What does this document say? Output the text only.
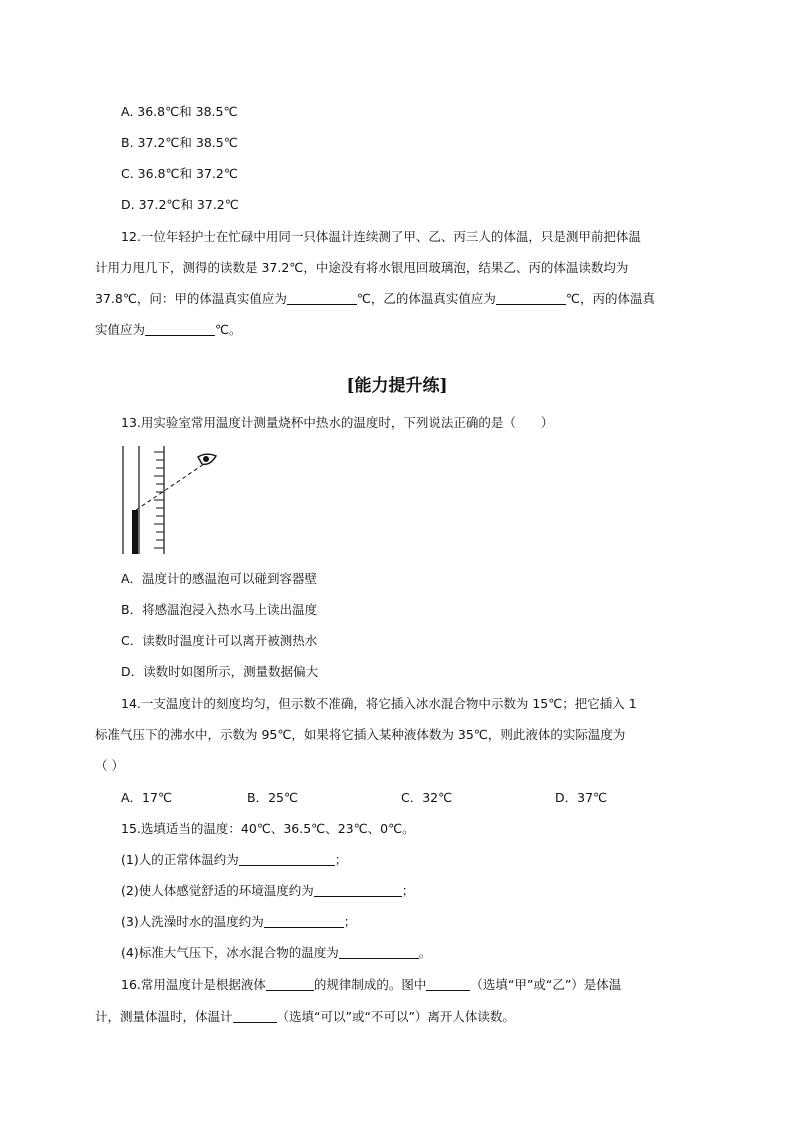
A. 36.8℃和 38.5℃
B. 37.2℃和 38.5℃
C. 36.8℃和 37.2℃
D. 37.2℃和 37.2℃
12.一位年轻护士在忙碌中用同一只体温计连续测了甲、乙、丙三人的体温，只是测甲前把体温
计用力甩几下，测得的读数是 37.2℃，中途没有将水银甩回玻璃泡，结果乙、丙的体温读数均为
37.8℃，问：甲的体温真实值应为	℃，乙的体温真实值应为	℃，丙的体温真
实值应为	℃。
[能力提升练]
13.用实验室常用温度计测量烧杯中热水的温度时，下列说法正确的是（　　）
A．温度计的感温泡可以碰到容器壁
B．将感温泡浸入热水马上读出温度
C．读数时温度计可以离开被测热水
D．读数时如图所示，测量数据偏大
14.一支温度计的刻度均匀，但示数不准确，将它插入冰水混合物中示数为 15℃；把它插入 1
标准气压下的沸水中，示数为 95℃，如果将它插入某种液体数为 35℃，则此液体的实际温度为
（ ）
A．17℃	B．25℃	C．32℃	D．37℃
15.选填适当的温度：40℃、36.5℃、23℃、0℃。
(1)人的正常体温约为	；
(2)使人体感觉舒适的环境温度约为	；
(3)人洗澡时水的温度约为	；
(4)标准大气压下，冰水混合物的温度为	。
16.常用温度计是根据液体	的规律制成的。图中	（选填“甲”或“乙”）是体温
计，测量体温时，体温计	（选填“可以”或“不可以”）离开人体读数。
